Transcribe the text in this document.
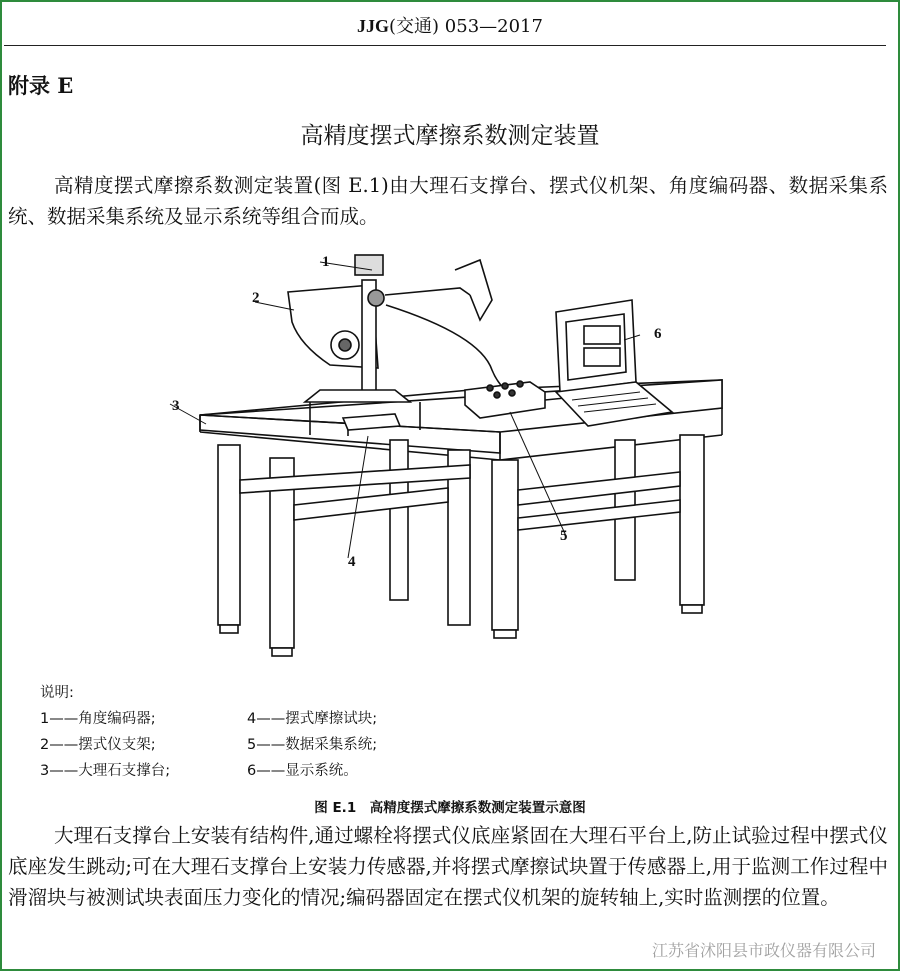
JJG(交通) 053—2017
附录 E
高精度摆式摩擦系数测定装置
高精度摆式摩擦系数测定装置(图 E.1)由大理石支撑台、摆式仪机架、角度编码器、数据采集系统、数据采集系统及显示系统等组合而成。
1
2
3
4
5
6
说明:
1——角度编码器;
2——摆式仪支架;
3——大理石支撑台;
4——摆式摩擦试块;
5——数据采集系统;
6——显示系统。
图 E.1　高精度摆式摩擦系数测定装置示意图
大理石支撑台上安装有结构件,通过螺栓将摆式仪底座紧固在大理石平台上,防止试验过程中摆式仪底座发生跳动;可在大理石支撑台上安装力传感器,并将摆式摩擦试块置于传感器上,用于监测工作过程中滑溜块与被测试块表面压力变化的情况;编码器固定在摆式仪机架的旋转轴上,实时监测摆的位置。
江苏省沭阳县市政仪器有限公司
